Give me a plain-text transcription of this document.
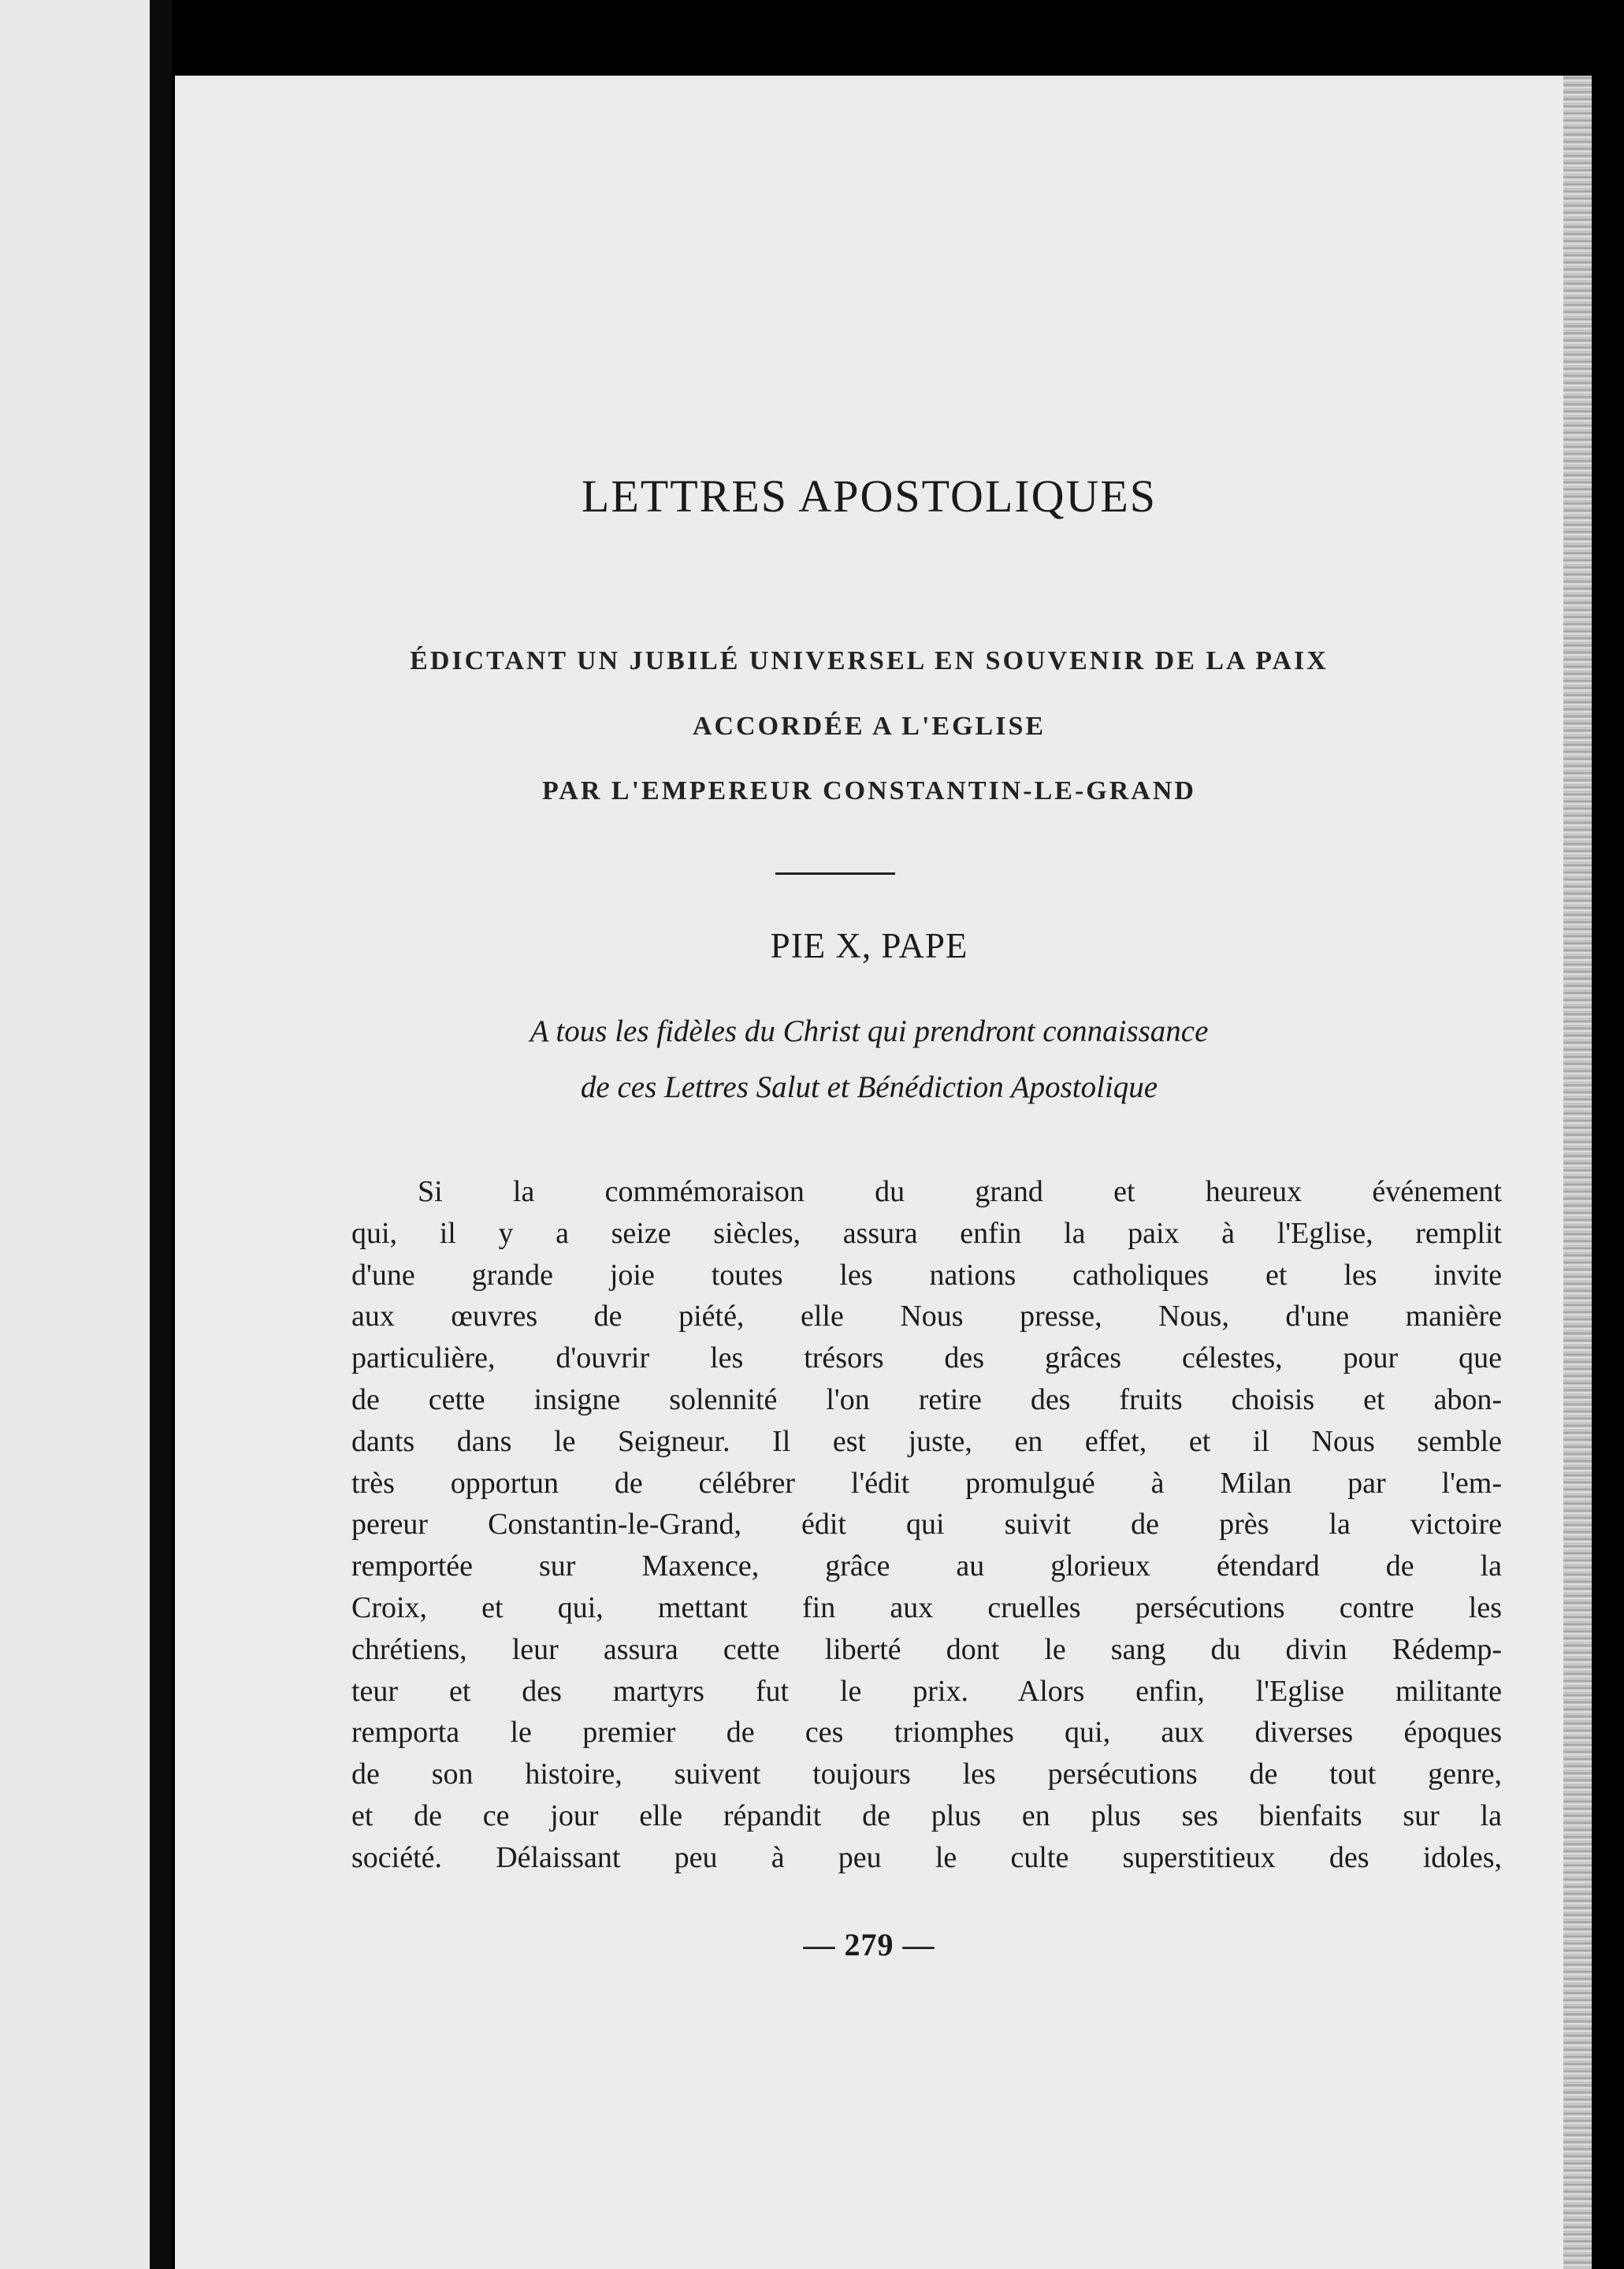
LETTRES APOSTOLIQUES
ÉDICTANT UN JUBILÉ UNIVERSEL EN SOUVENIR DE LA PAIX
ACCORDÉE A L'EGLISE
PAR L'EMPEREUR CONSTANTIN-LE-GRAND
PIE X, PAPE
A tous les fidèles du Christ qui prendront connaissance
de ces Lettres Salut et Bénédiction Apostolique
Si la commémoraison du grand et heureux événement
qui, il y a seize siècles, assura enfin la paix à l'Eglise, remplit
d'une grande joie toutes les nations catholiques et les invite
aux œuvres de piété, elle Nous presse, Nous, d'une manière
particulière, d'ouvrir les trésors des grâces célestes, pour que
de cette insigne solennité l'on retire des fruits choisis et abon-
dants dans le Seigneur. Il est juste, en effet, et il Nous semble
très opportun de célébrer l'édit promulgué à Milan par l'em-
pereur Constantin-le-Grand, édit qui suivit de près la victoire
remportée sur Maxence, grâce au glorieux étendard de la
Croix, et qui, mettant fin aux cruelles persécutions contre les
chrétiens, leur assura cette liberté dont le sang du divin Rédemp-
teur et des martyrs fut le prix. Alors enfin, l'Eglise militante
remporta le premier de ces triomphes qui, aux diverses époques
de son histoire, suivent toujours les persécutions de tout genre,
et de ce jour elle répandit de plus en plus ses bienfaits sur la
société. Délaissant peu à peu le culte superstitieux des idoles,
— 279 —
